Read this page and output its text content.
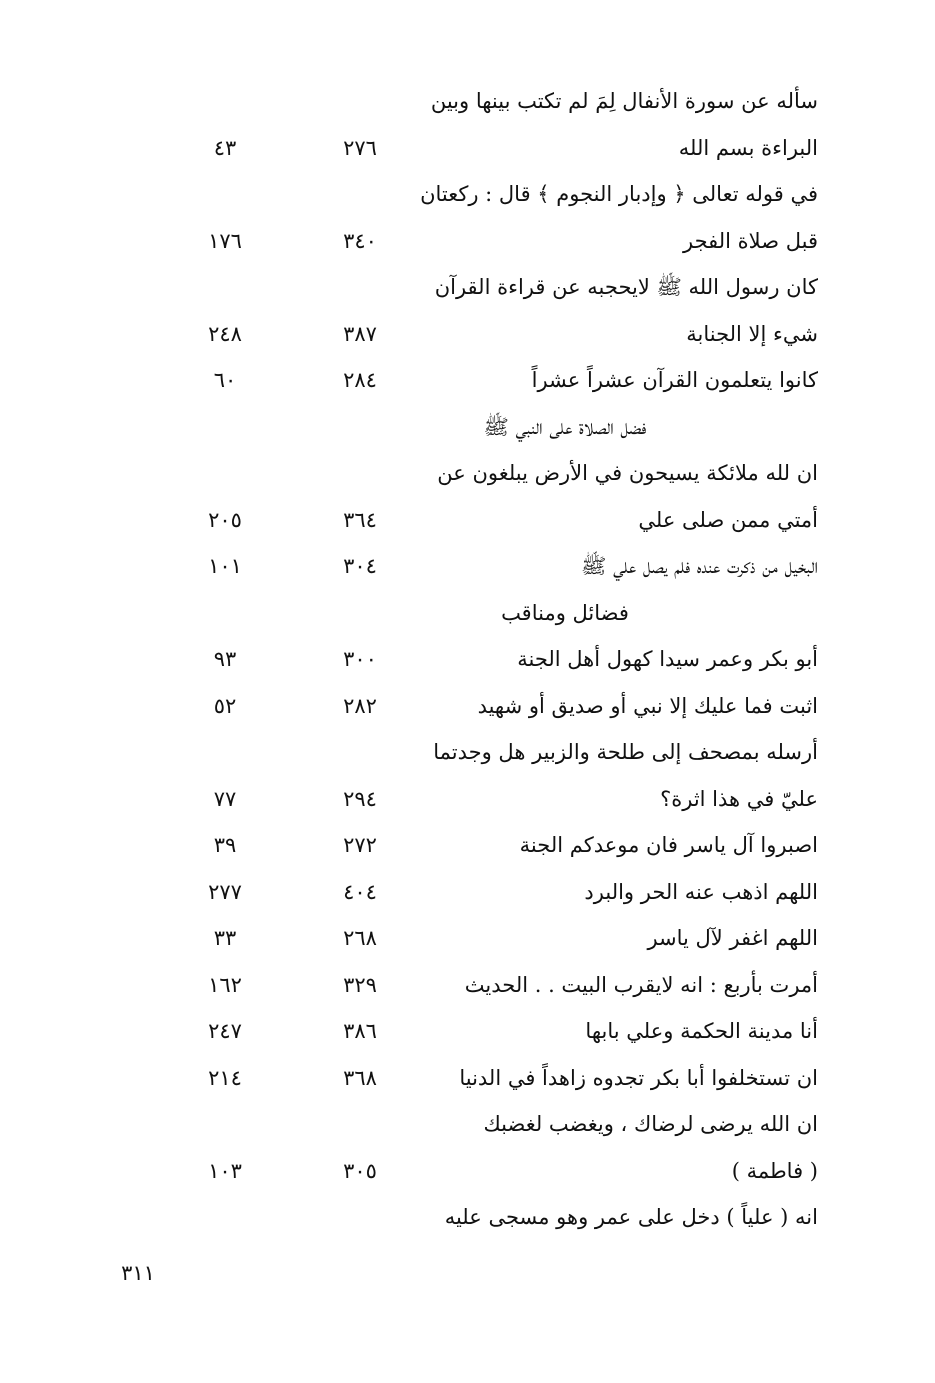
سأله عن سورة الأنفال لِمَ لم تكتب بينها وبين
البراءة بسم الله
٢٧٦
٤٣
في قوله تعالى ﴿ وإدبار النجوم ﴾ قال : ركعتان
قبل صلاة الفجر
٣٤٠
١٧٦
كان رسول الله ﷺ لايحجبه عن قراءة القرآن
شيء إلا الجنابة
٣٨٧
٢٤٨
كانوا يتعلمون القرآن عشراً عشراً
٢٨٤
٦٠
فضل الصلاة على النبي ﷺ
ان لله ملائكة يسيحون في الأرض يبلغون عن
أمتي ممن صلى علي
٣٦٤
٢٠٥
البخيل من ذكرت عنده فلم يصل علي ﷺ
٣٠٤
١٠١
فضائل ومناقب
أبو بكر وعمر سيدا كهول أهل الجنة
٣٠٠
٩٣
اثبت فما عليك إلا نبي أو صديق أو شهيد
٢٨٢
٥٢
أرسله بمصحف إلى طلحة والزبير هل وجدتما
عليّ في هذا اثرة؟
٢٩٤
٧٧
اصبروا آل ياسر فان موعدكم الجنة
٢٧٢
٣٩
اللهم اذهب عنه الحر والبرد
٤٠٤
٢٧٧
اللهم اغفر لآل ياسر
٢٦٨
٣٣
أمرت بأربع : انه لايقرب البيت . . الحديث
٣٢٩
١٦٢
أنا مدينة الحكمة وعلي بابها
٣٨٦
٢٤٧
ان تستخلفوا أبا بكر تجدوه زاهداً في الدنيا
٣٦٨
٢١٤
ان الله يرضى لرضاك ، ويغضب لغضبك
( فاطمة )
٣٠٥
١٠٣
انه ( علياً ) دخل على عمر وهو مسجى عليه
٣١١
